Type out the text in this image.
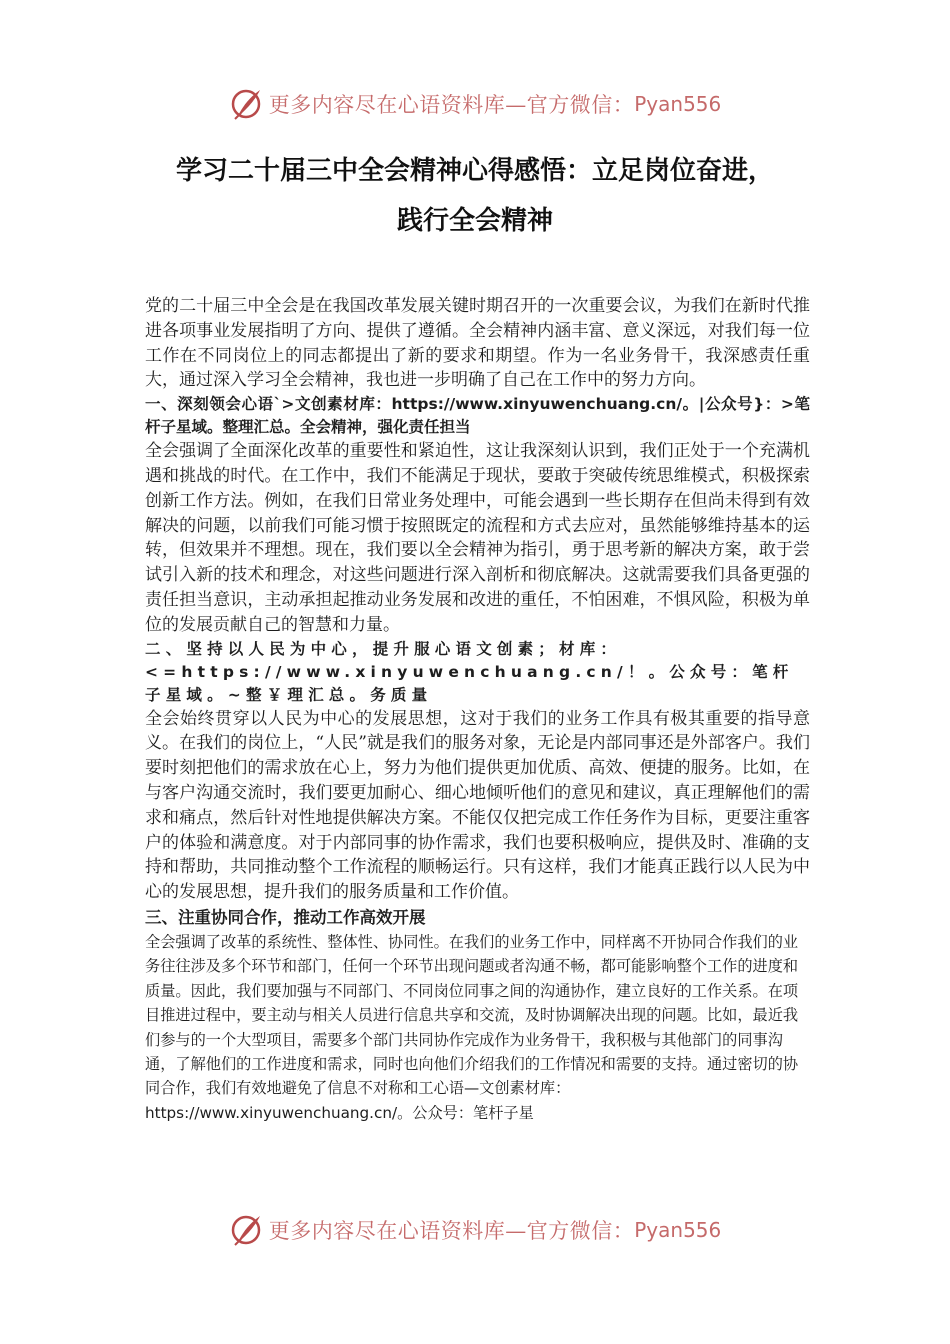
更多内容尽在心语资料库—官方微信： Pyan556
学习二十届三中全会精神心得感悟：立足岗位奋进，
践行全会精神

党的二十届三中全会是在我国改革发展关键时期召开的一次重要会议，为我们在新时代推进各项事业发展指明了方向、提供了遵循。全会精神内涵丰富、意义深远，对我们每一位工作在不同岗位上的同志都提出了新的要求和期望。作为一名业务骨干，我深感责任重大，通过深入学习全会精神，我也进一步明确了自己在工作中的努力方向。

一、深刻领会心语`>文创素材库：https://www.xinyuwenchuang.cn/。|公众号}：>笔杆子星域。整理汇总。全会精神，强化责任担当

全会强调了全面深化改革的重要性和紧迫性，这让我深刻认识到，我们正处于一个充满机遇和挑战的时代。在工作中，我们不能满足于现状，要敢于突破传统思维模式，积极探索创新工作方法。例如，在我们日常业务处理中，可能会遇到一些长期存在但尚未得到有效解决的问题，以前我们可能习惯于按照既定的流程和方式去应对，虽然能够维持基本的运转，但效果并不理想。现在，我们要以全会精神为指引，勇于思考新的解决方案，敢于尝试引入新的技术和理念，对这些问题进行深入剖析和彻底解决。这就需要我们具备更强的责任担当意识，主动承担起推动业务发展和改进的重任，不怕困难，不惧风险，积极为单位的发展贡献自己的智慧和力量。

二、坚持以人民为中心，提升服心语文创素；材库：<=https://www.xinyuwenchuang.cn/！。公众号：笔杆子星域。~整￥理汇总。务质量

全会始终贯穿以人民为中心的发展思想，这对于我们的业务工作具有极其重要的指导意义。在我们的岗位上，“人民”就是我们的服务对象，无论是内部同事还是外部客户。我们要时刻把他们的需求放在心上，努力为他们提供更加优质、高效、便捷的服务。比如，在与客户沟通交流时，我们要更加耐心、细心地倾听他们的意见和建议，真正理解他们的需求和痛点，然后针对性地提供解决方案。不能仅仅把完成工作任务作为目标，更要注重客户的体验和满意度。对于内部同事的协作需求，我们也要积极响应，提供及时、准确的支持和帮助，共同推动整个工作流程的顺畅运行。只有这样，我们才能真正践行以人民为中心的发展思想，提升我们的服务质量和工作价值。

三、注重协同合作，推动工作高效开展

全会强调了改革的系统性、整体性、协同性。在我们的业务工作中，同样离不开协同合作我们的业务往往涉及多个环节和部门，任何一个环节出现问题或者沟通不畅，都可能影响整个工作的进度和质量。因此，我们要加强与不同部门、不同岗位同事之间的沟通协作，建立良好的工作关系。在项目推进过程中，要主动与相关人员进行信息共享和交流，及时协调解决出现的问题。比如，最近我们参与的一个大型项目，需要多个部门共同协作完成作为业务骨干，我积极与其他部门的同事沟通，了解他们的工作进度和需求，同时也向他们介绍我们的工作情况和需要的支持。通过密切的协同合作，我们有效地避免了信息不对称和工心语—文创素材库：https://www.xinyuwenchuang.cn/。公众号：笔杆子星

更多内容尽在心语资料库—官方微信： Pyan556
